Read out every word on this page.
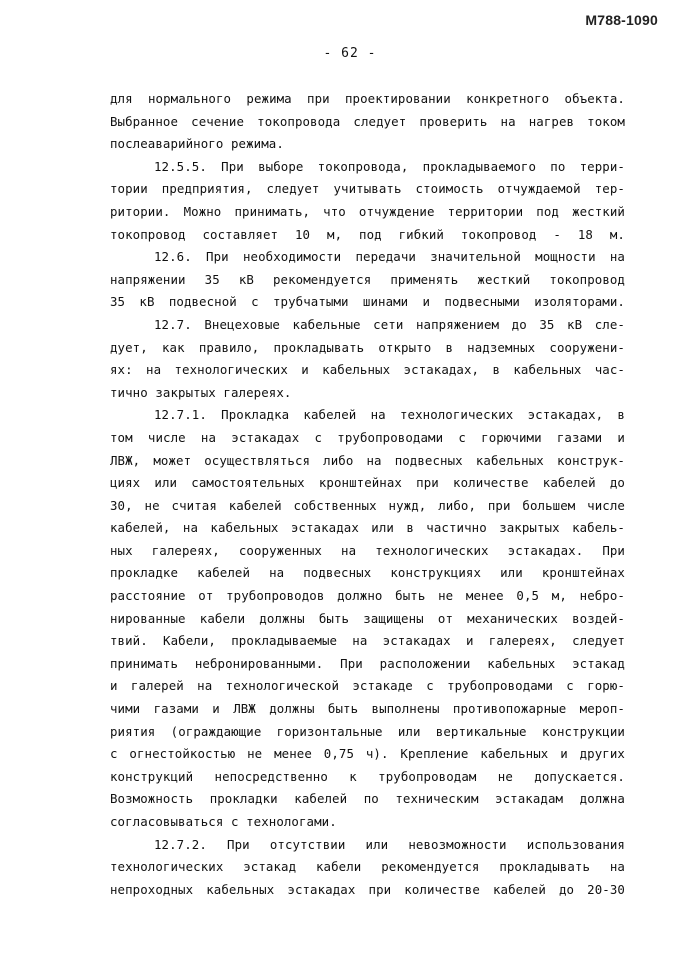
М788-1090
- 62 -
для нормального режима при проектировании конкретного объекта.
Выбранное сечение токопровода следует проверить на нагрев током
послеаварийного режима.
12.5.5. При выборе токопровода, прокладываемого по терри-
тории предприятия, следует учитывать стоимость отчуждаемой тер-
ритории. Можно принимать, что отчуждение территории под жесткий
токопровод составляет 10 м, под гибкий токопровод - 18 м.
12.6. При необходимости передачи значительной мощности на
напряжении 35 кВ рекомендуется применять жесткий токопровод
35 кВ подвесной с трубчатыми шинами и подвесными изоляторами.
12.7. Внецеховые кабельные сети напряжением до 35 кВ сле-
дует, как правило, прокладывать открыто в надземных сооружени-
ях: на технологических и кабельных эстакадах, в кабельных час-
тично закрытых галереях.
12.7.1. Прокладка кабелей на технологических эстакадах, в
том числе на эстакадах с трубопроводами с горючими газами и
ЛВЖ, может осуществляться либо на подвесных кабельных конструк-
циях или самостоятельных кронштейнах при количестве кабелей до
30, не считая кабелей собственных нужд, либо, при большем числе
кабелей, на кабельных эстакадах или в частично закрытых кабель-
ных галереях, сооруженных на технологических эстакадах. При
прокладке кабелей на подвесных конструкциях или кронштейнах
расстояние от трубопроводов должно быть не менее 0,5 м, небро-
нированные кабели должны быть защищены от механических воздей-
твий. Кабели, прокладываемые на эстакадах и галереях, следует
принимать небронированными. При расположении кабельных эстакад
и галерей на технологической эстакаде с трубопроводами с горю-
чими газами и ЛВЖ должны быть выполнены противопожарные мероп-
риятия (ограждающие горизонтальные или вертикальные конструкции
с огнестойкостью не менее 0,75 ч). Крепление кабельных и других
конструкций непосредственно к трубопроводам не допускается.
Возможность прокладки кабелей по техническим эстакадам должна
согласовываться с технологами.
12.7.2. При отсутствии или невозможности использования
технологических эстакад кабели рекомендуется прокладывать на
непроходных кабельных эстакадах при количестве кабелей до 20-30
